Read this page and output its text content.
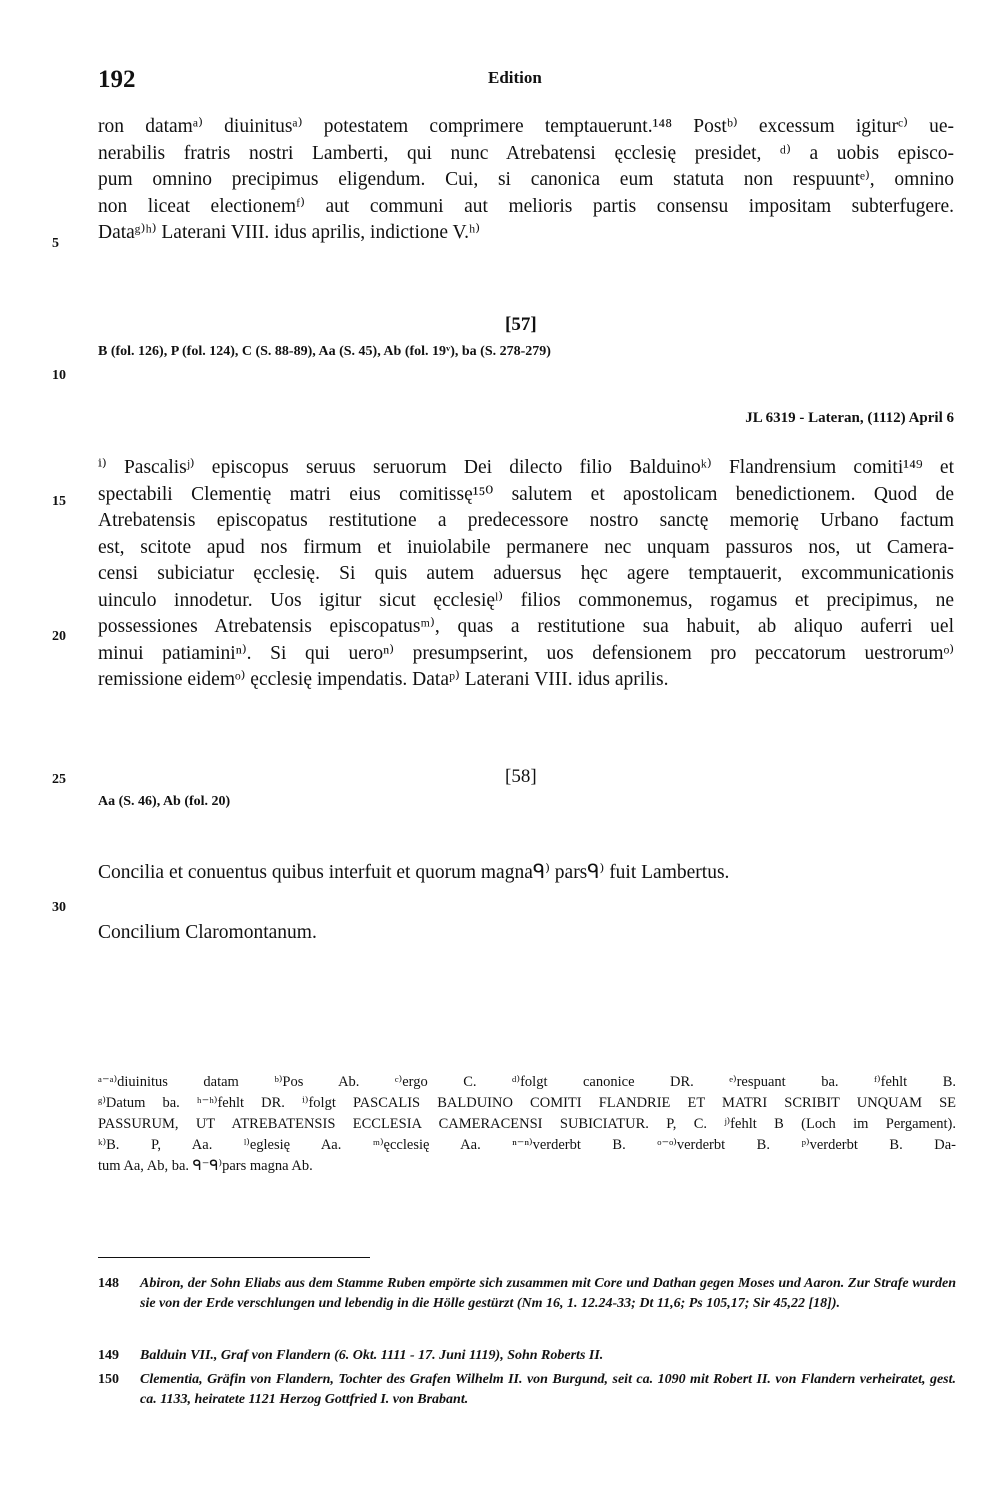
192	Edition
5
10
15
20
25
30
ron datamᵃ⁾ diuinitusᵃ⁾ potestatem comprimere temptauerunt.¹⁴⁸ Postᵇ⁾ excessum igiturᶜ⁾ ue-
nerabilis fratris nostri Lamberti, qui nunc Atrebatensi ęcclesię presidet, ᵈ⁾ a uobis episco-
pum omnino precipimus eligendum. Cui, si canonica eum statuta non respuuntᵉ⁾, omnino
non liceat electionemᶠ⁾ aut communi aut melioris partis consensu impositam subterfugere.
Dataᵍ⁾ʰ⁾ Laterani VIII. idus aprilis, indictione V.ʰ⁾
[57]
B (fol. 126), P (fol. 124), C (S. 88-89), Aa (S. 45), Ab (fol. 19ᵛ), ba (S. 278-279)
JL 6319 - Lateran, (1112) April 6
ⁱ⁾ Pascalisʲ⁾ episcopus seruus seruorum Dei dilecto filio Balduinoᵏ⁾ Flandrensium comiti¹⁴⁹ et
spectabili Clementię matri eius comitissę¹⁵⁰ salutem et apostolicam benedictionem. Quod de
Atrebatensis episcopatus restitutione a predecessore nostro sanctę memorię Urbano factum
est, scitote apud nos firmum et inuiolabile permanere nec unquam passuros nos, ut Camera-
censi subiciatur ęcclesię. Si quis autem aduersus hęc agere temptauerit, excommunicationis
uinculo innodetur. Uos igitur sicut ęcclesięˡ⁾ filios commonemus, rogamus et precipimus, ne
possessiones Atrebatensis episcopatusᵐ⁾, quas a restitutione sua habuit, ab aliquo auferri uel
minui patiaminiⁿ⁾. Si qui ueroⁿ⁾ presumpserint, uos defensionem pro peccatorum uestrorumᵒ⁾
remissione eidemᵒ⁾ ęcclesię impendatis. Dataᵖ⁾ Laterani VIII. idus aprilis.
[58]
Aa (S. 46), Ab (fol. 20)
Concilia et conuentus quibus interfuit et quorum magnaᑫ⁾ parsᑫ⁾ fuit Lambertus.
Concilium Claromontanum.
ᵃ⁻ᵃ⁾diuinitus datam ᵇ⁾Pos Ab. ᶜ⁾ergo C. ᵈ⁾folgt canonice DR. ᵉ⁾respuant ba. ᶠ⁾fehlt B.
ᵍ⁾Datum ba. ʰ⁻ʰ⁾fehlt DR. ⁱ⁾folgt PASCALIS BALDUINO COMITI FLANDRIE ET MATRI SCRIBIT UNQUAM SE
PASSURUM, UT ATREBATENSIS ECCLESIA CAMERACENSI SUBICIATUR. P, C. ʲ⁾fehlt B (Loch im Pergament).
ᵏ⁾B. P, Aa. ˡ⁾eglesię Aa. ᵐ⁾ęcclesię Aa. ⁿ⁻ⁿ⁾verderbt B. ᵒ⁻ᵒ⁾verderbt B. ᵖ⁾verderbt B. Da-
tum Aa, Ab, ba. ᑫ⁻ᑫ⁾pars magna Ab.
148 Abiron, der Sohn Eliabs aus dem Stamme Ruben empörte sich zusammen mit Core und Dathan gegen Moses und Aaron. Zur Strafe wurden sie von der Erde verschlungen und lebendig in die Hölle gestürzt (Nm 16, 1. 12.24-33; Dt 11,6; Ps 105,17; Sir 45,22 [18]).
149 Balduin VII., Graf von Flandern (6. Okt. 1111 - 17. Juni 1119), Sohn Roberts II.
150 Clementia, Gräfin von Flandern, Tochter des Grafen Wilhelm II. von Burgund, seit ca. 1090 mit Robert II. von Flandern verheiratet, gest. ca. 1133, heiratete 1121 Herzog Gottfried I. von Brabant.
